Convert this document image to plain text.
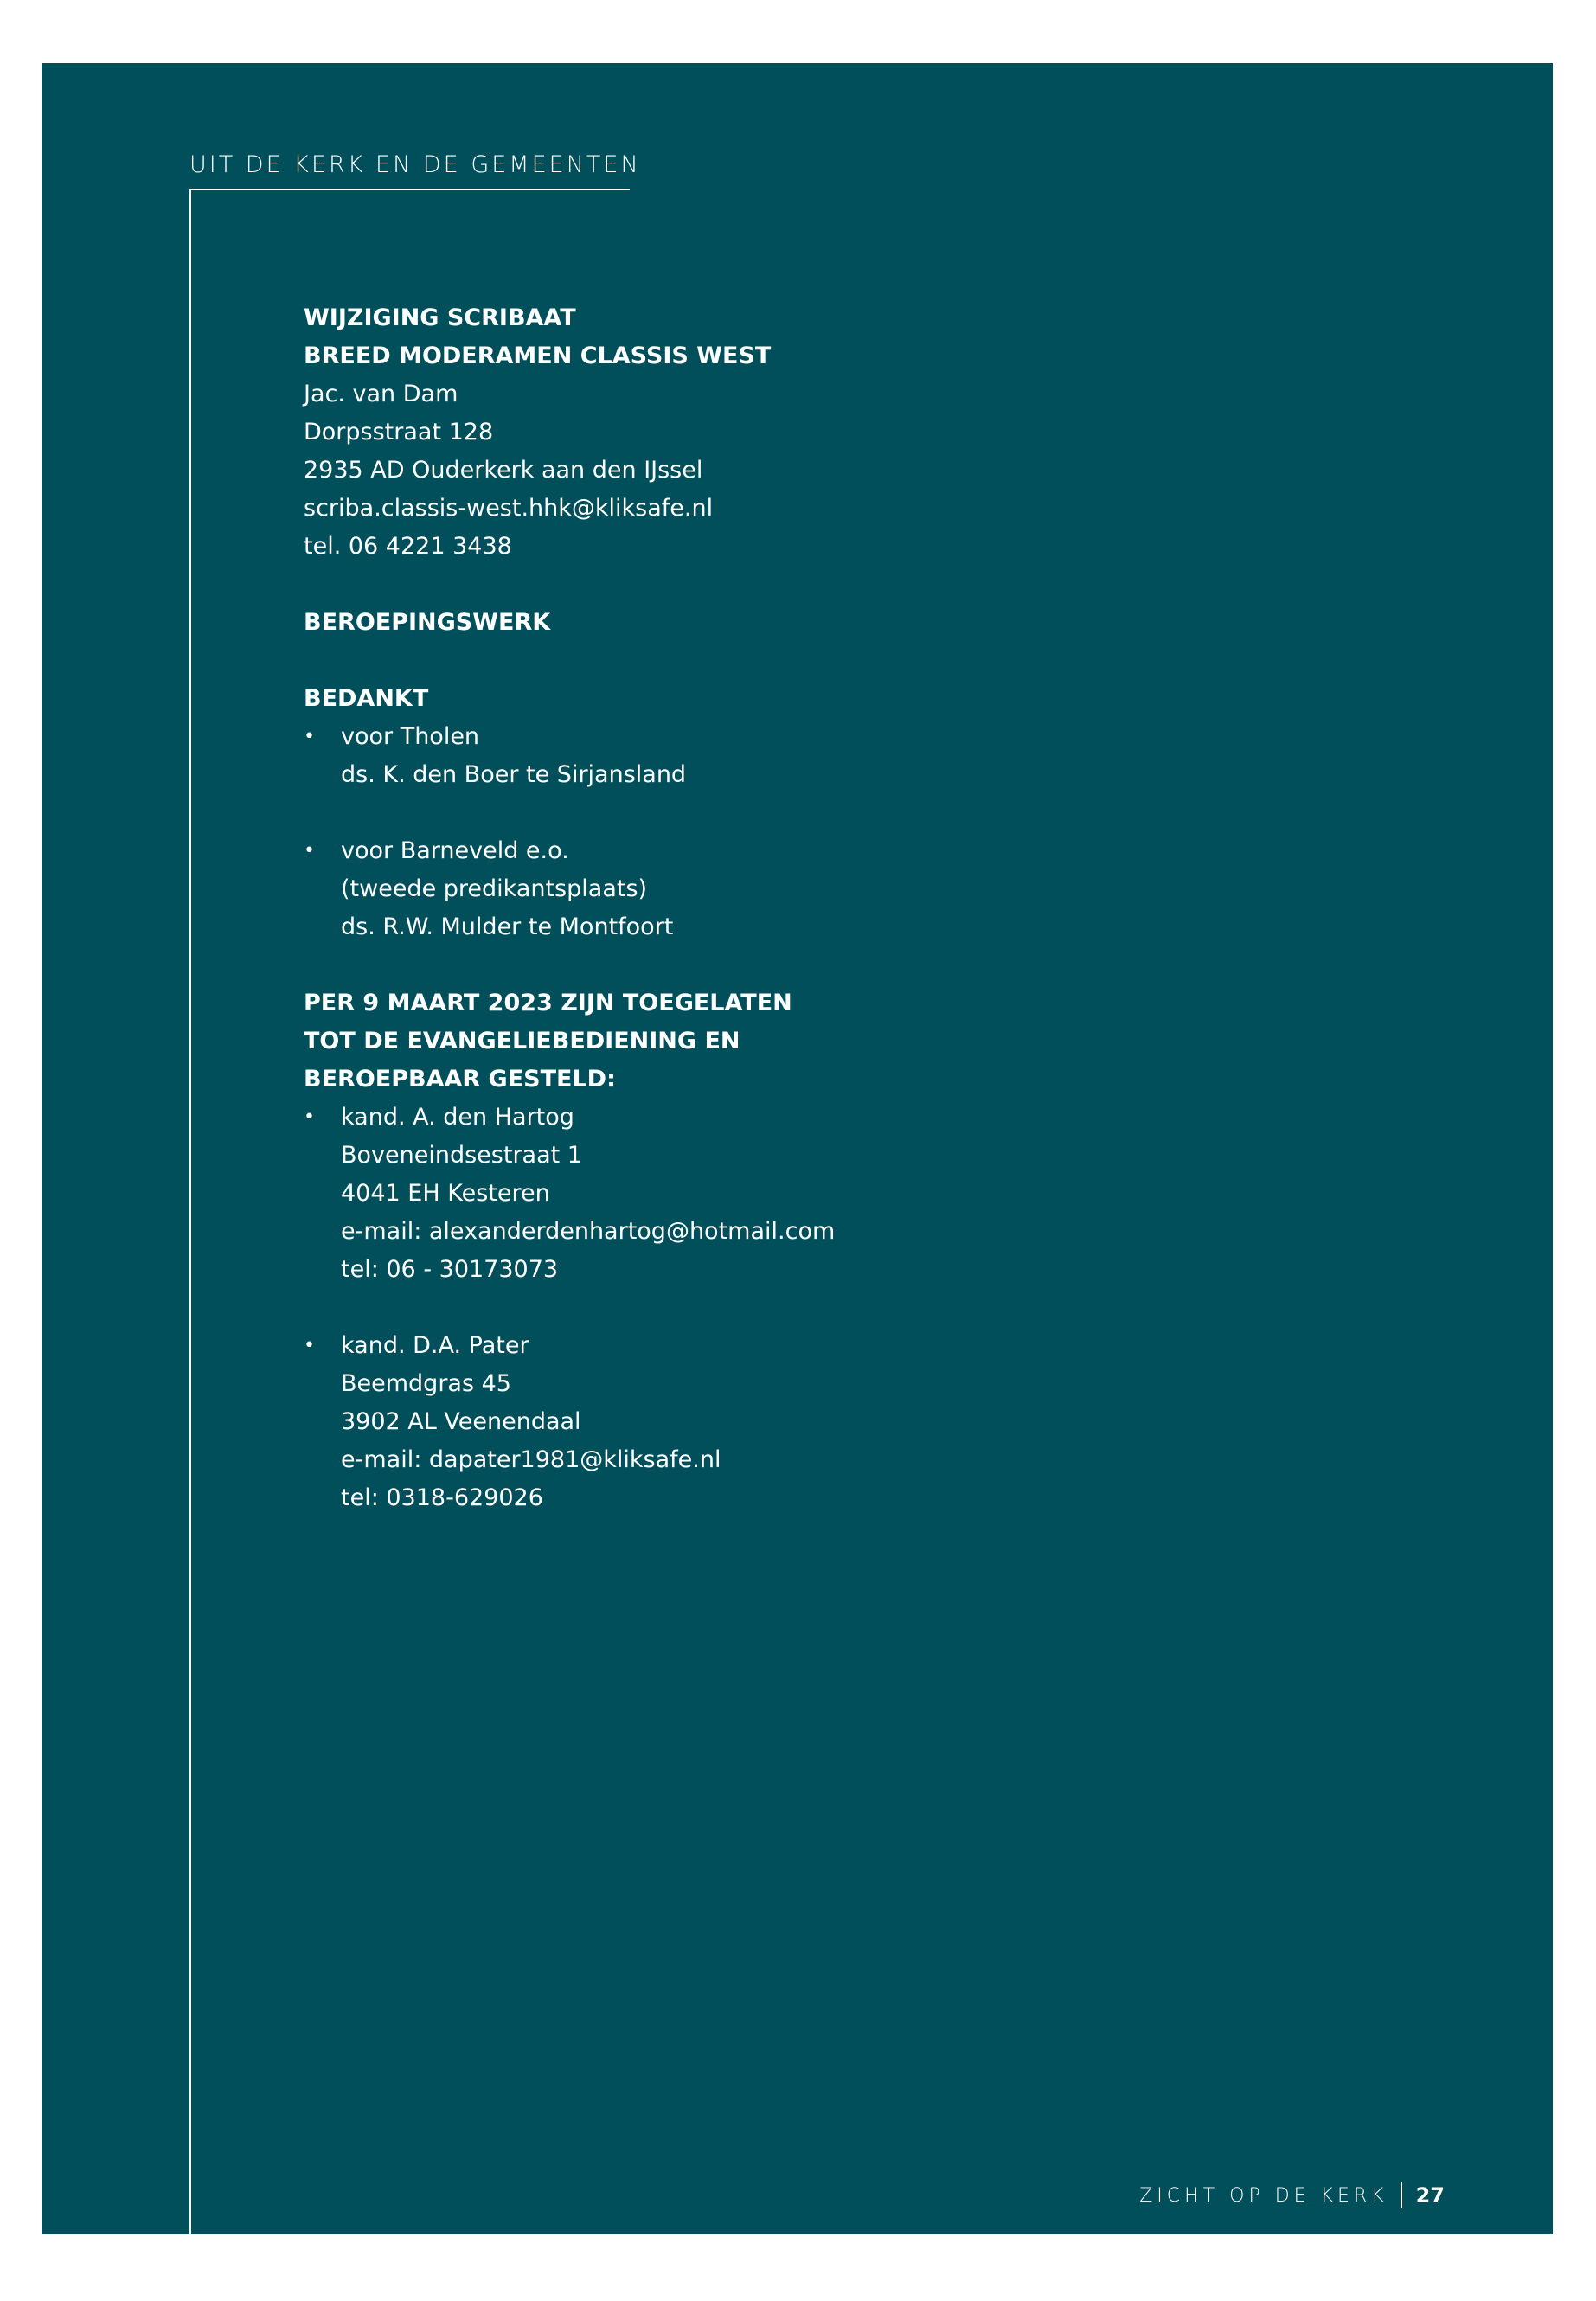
UIT DE KERK EN DE GEMEENTEN
WIJZIGING SCRIBAAT
BREED MODERAMEN CLASSIS WEST
Jac. van Dam
Dorpsstraat 128
2935 AD Ouderkerk aan den IJssel
scriba.classis-west.hhk@kliksafe.nl
tel. 06 4221 3438
BEROEPINGSWERK
BEDANKT
• voor Tholen
ds. K. den Boer te Sirjansland
• voor Barneveld e.o.
(tweede predikantsplaats)
ds. R.W. Mulder te Montfoort
PER 9 MAART 2023 ZIJN TOEGELATEN
TOT DE EVANGELIEBEDIENING EN
BEROEPBAAR GESTELD:
• kand. A. den Hartog
Boveneindsestraat 1
4041 EH Kesteren
e-mail: alexanderdenhartog@hotmail.com
tel: 06 - 30173073
• kand. D.A. Pater
Beemdgras 45
3902 AL Veenendaal
e-mail: dapater1981@kliksafe.nl
tel: 0318-629026
ZICHT OP DE KERK 27
